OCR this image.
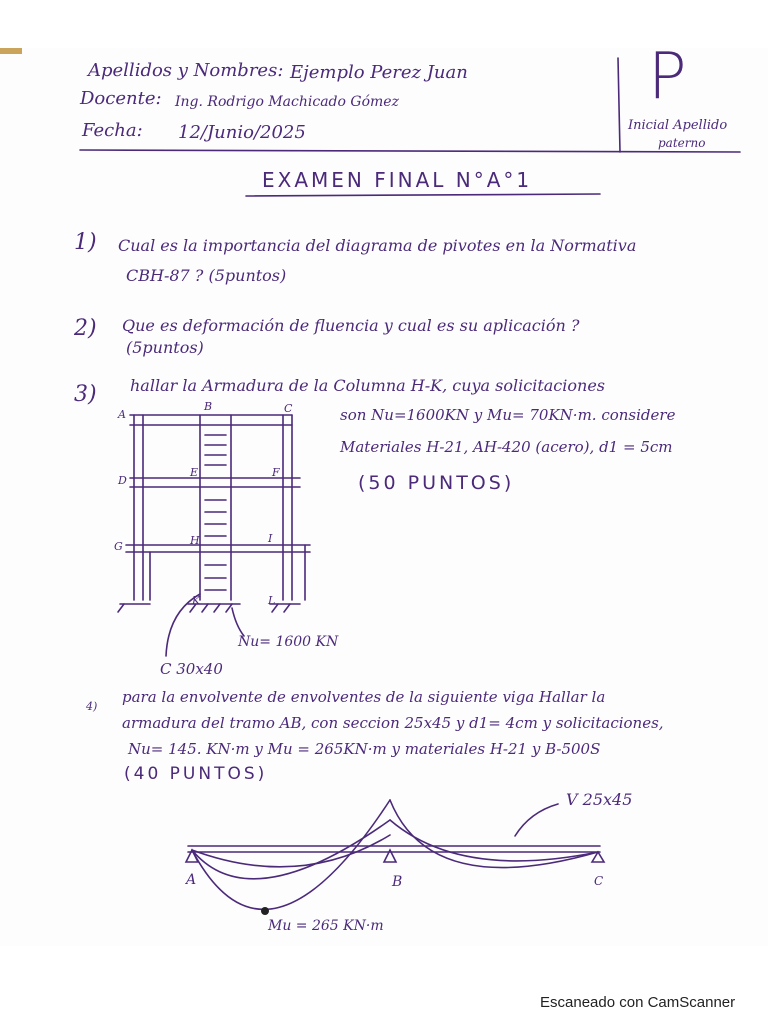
Apellidos y Nombres: Ejemplo Perez Juan
Docente: Ing. Rodrigo Machicado Gómez
Fecha: 12/Junio/2025
P
Inicial Apellido
paterno
EXAMEN FINAL N°A°1
1) Cual es la importancia del diagrama de pivotes en la Normativa
CBH-87 ? (5puntos)
2) Que es deformación de fluencia y cual es su aplicación ?
(5puntos)
3) hallar la Armadura de la Columna H-K, cuya solicitaciones
son Nu=1600KN y Mu= 70KN·m. considere
Materiales H-21, AH-420 (acero), d1 = 5cm
(50 PUNTOS)
4)
para la envolvente de envolventes de la siguiente viga Hallar la
armadura del tramo AB, con seccion 25x45 y d1= 4cm y solicitaciones,
Nu= 145. KN·m y Mu = 265KN·m y materiales H-21 y B-500S
(40 PUNTOS)
A
B	C
D
E	F
G	H	I
K	L
Nu= 1600 KN
C 30x40
A	B	C
V 25x45
Mu = 265 KN·m
Escaneado con CamScanner
